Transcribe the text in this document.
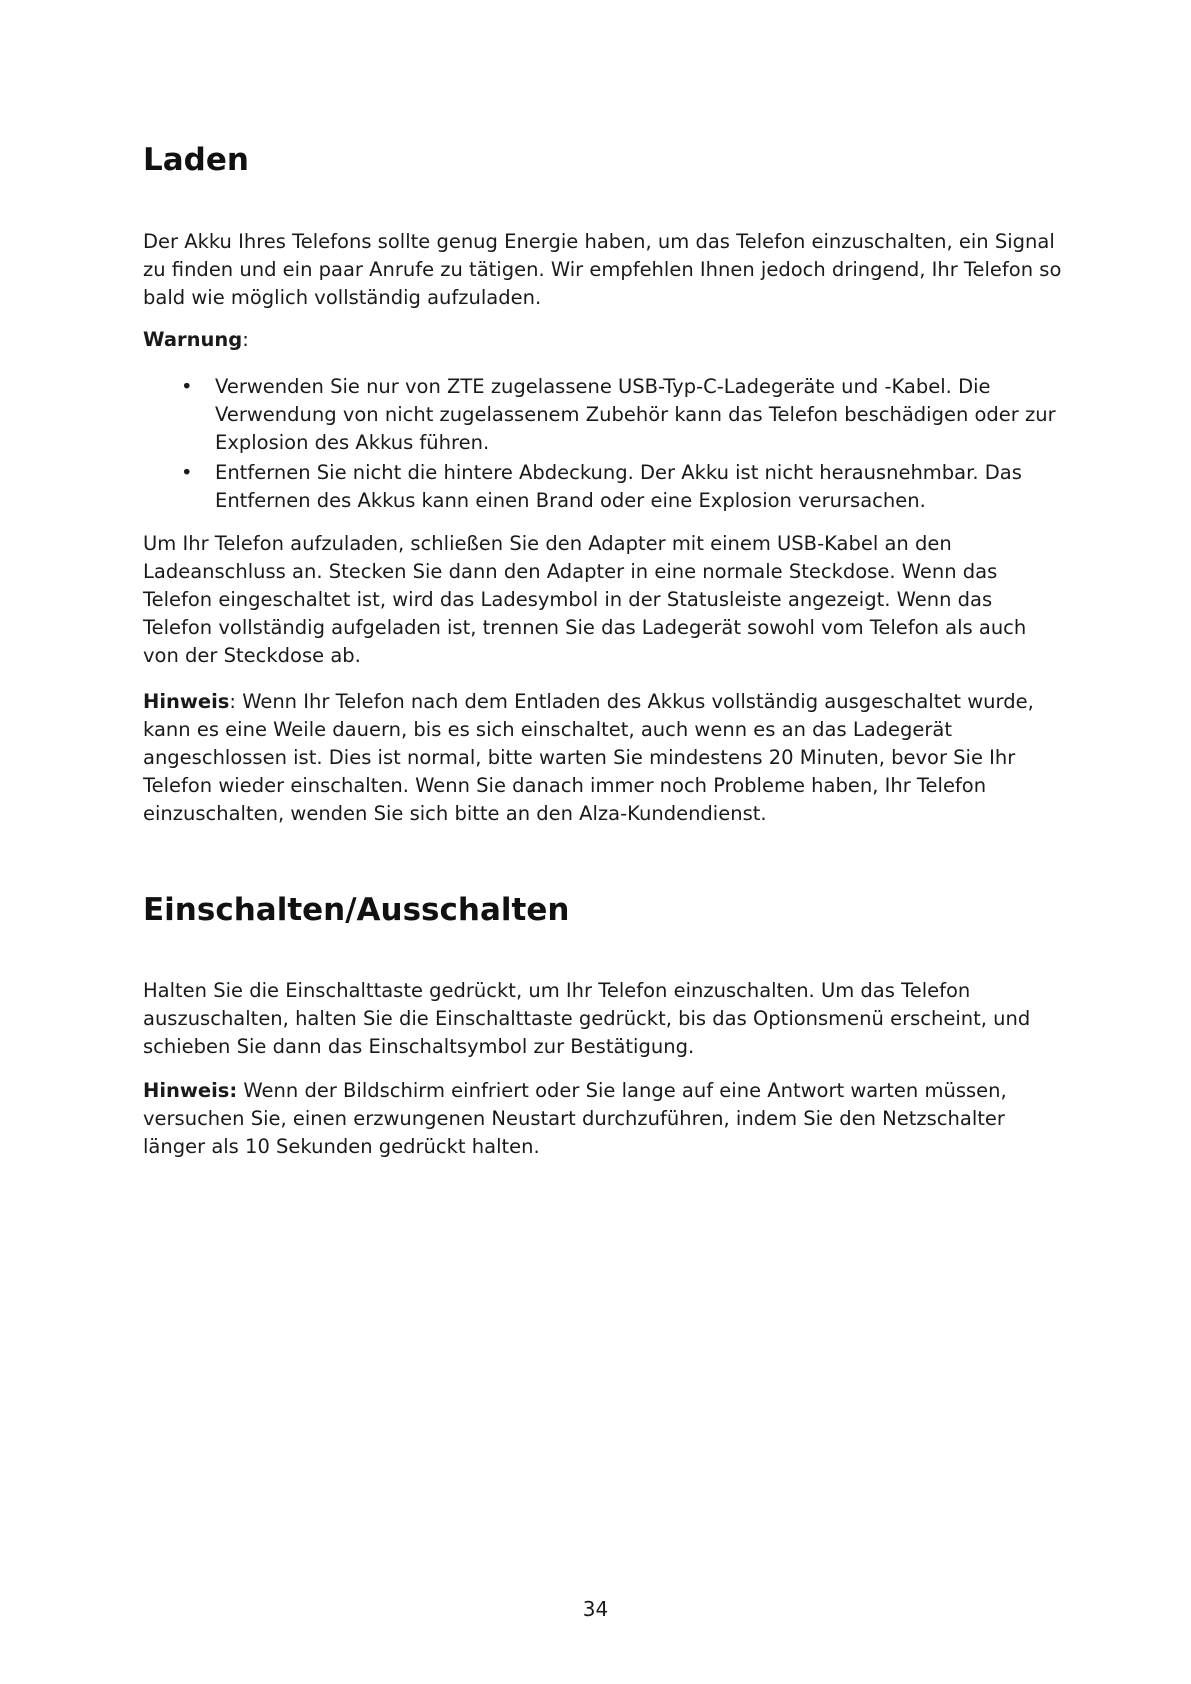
Laden

Der Akku Ihres Telefons sollte genug Energie haben, um das Telefon einzuschalten, ein Signal zu finden und ein paar Anrufe zu tätigen. Wir empfehlen Ihnen jedoch dringend, Ihr Telefon so bald wie möglich vollständig aufzuladen.

Warnung:

• Verwenden Sie nur von ZTE zugelassene USB-Typ-C-Ladegeräte und -Kabel. Die Verwendung von nicht zugelassenem Zubehör kann das Telefon beschädigen oder zur Explosion des Akkus führen.
• Entfernen Sie nicht die hintere Abdeckung. Der Akku ist nicht herausnehmbar. Das Entfernen des Akkus kann einen Brand oder eine Explosion verursachen.

Um Ihr Telefon aufzuladen, schließen Sie den Adapter mit einem USB-Kabel an den Ladeanschluss an. Stecken Sie dann den Adapter in eine normale Steckdose. Wenn das Telefon eingeschaltet ist, wird das Ladesymbol in der Statusleiste angezeigt. Wenn das Telefon vollständig aufgeladen ist, trennen Sie das Ladegerät sowohl vom Telefon als auch von der Steckdose ab.

Hinweis: Wenn Ihr Telefon nach dem Entladen des Akkus vollständig ausgeschaltet wurde, kann es eine Weile dauern, bis es sich einschaltet, auch wenn es an das Ladegerät angeschlossen ist. Dies ist normal, bitte warten Sie mindestens 20 Minuten, bevor Sie Ihr Telefon wieder einschalten. Wenn Sie danach immer noch Probleme haben, Ihr Telefon einzuschalten, wenden Sie sich bitte an den Alza-Kundendienst.

Einschalten/Ausschalten

Halten Sie die Einschalttaste gedrückt, um Ihr Telefon einzuschalten. Um das Telefon auszuschalten, halten Sie die Einschalttaste gedrückt, bis das Optionsmenü erscheint, und schieben Sie dann das Einschaltsymbol zur Bestätigung.

Hinweis: Wenn der Bildschirm einfriert oder Sie lange auf eine Antwort warten müssen, versuchen Sie, einen erzwungenen Neustart durchzuführen, indem Sie den Netzschalter länger als 10 Sekunden gedrückt halten.

34
